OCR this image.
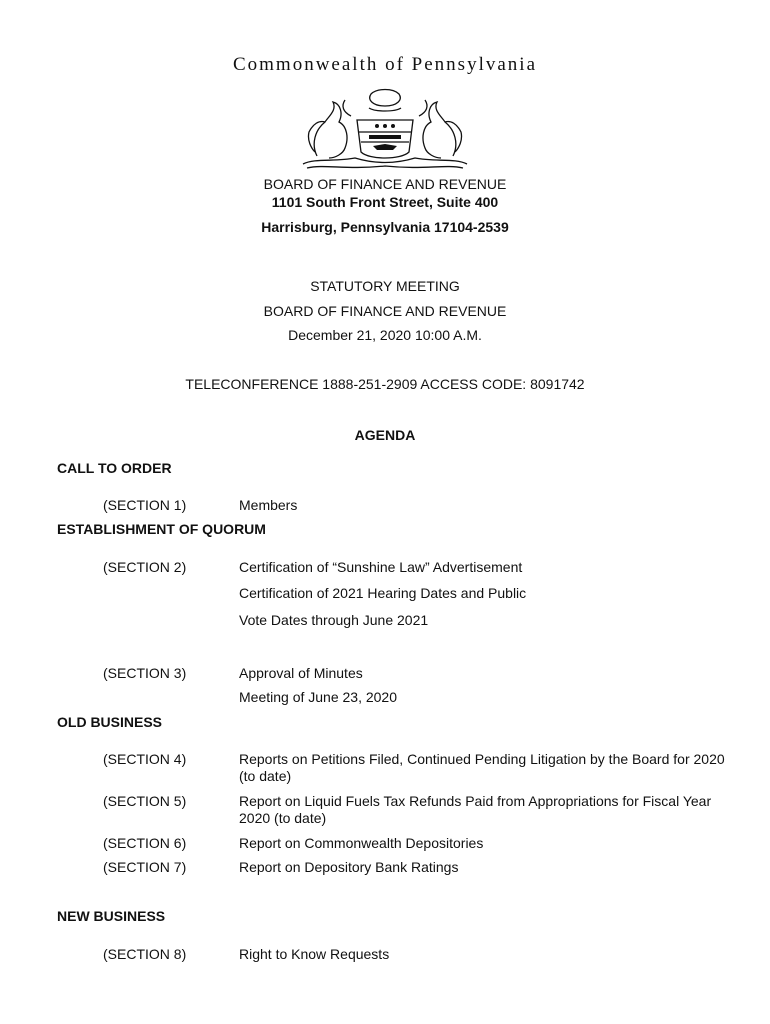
Commonwealth of Pennsylvania
BOARD OF FINANCE AND REVENUE
1101 South Front Street, Suite 400
Harrisburg, Pennsylvania 17104-2539
STATUTORY MEETING
BOARD OF FINANCE AND REVENUE
December 21, 2020 10:00 A.M.
TELECONFERENCE 1888-251-2909 ACCESS CODE: 8091742
AGENDA
CALL TO ORDER
(SECTION 1)	Members
ESTABLISHMENT OF QUORUM
(SECTION 2)	Certification of “Sunshine Law” Advertisement
Certification of 2021 Hearing Dates and Public
Vote Dates through June 2021
(SECTION 3)	Approval of Minutes
Meeting of June 23, 2020
OLD BUSINESS
(SECTION 4)	Reports on Petitions Filed, Continued Pending Litigation by the Board for 2020 (to date)
(SECTION 5)	Report on Liquid Fuels Tax Refunds Paid from Appropriations for Fiscal Year 2020 (to date)
(SECTION 6)	Report on Commonwealth Depositories
(SECTION 7)	Report on Depository Bank Ratings
NEW BUSINESS
(SECTION 8)	Right to Know Requests
